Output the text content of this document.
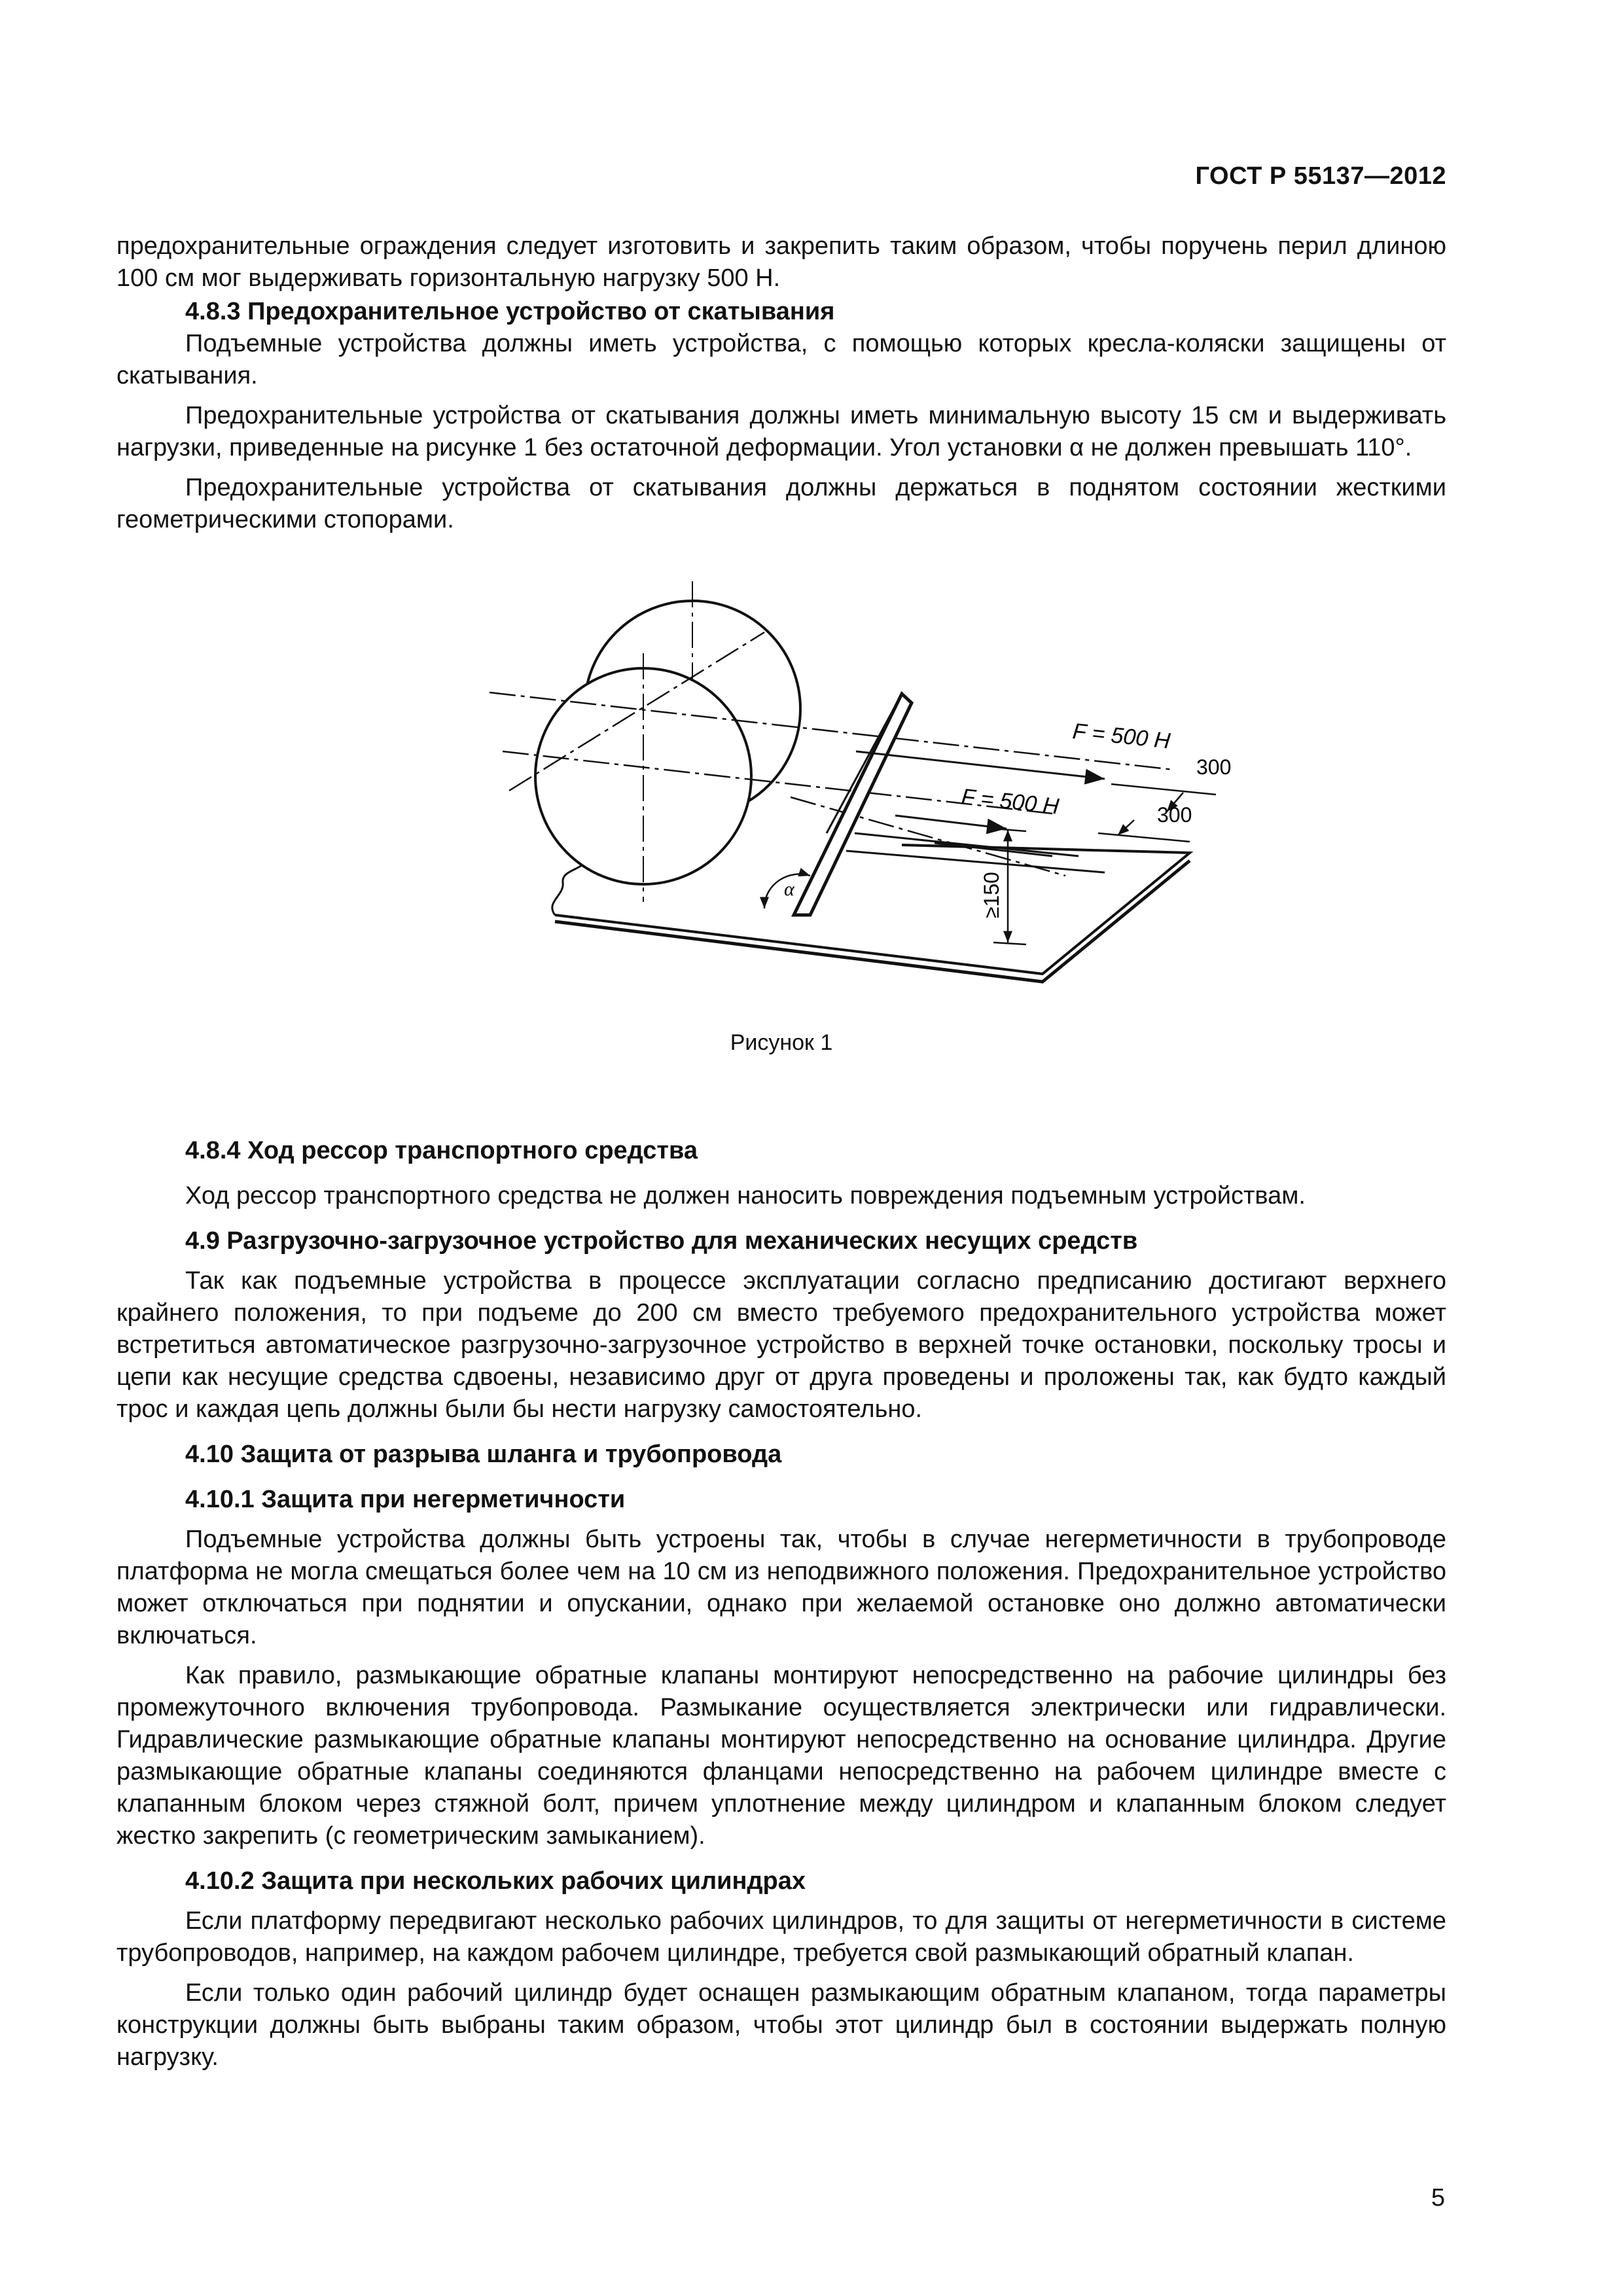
ГОСТ Р 55137—2012

предохранительные ограждения следует изготовить и закрепить таким образом, чтобы поручень перил длиною 100 см мог выдерживать горизонтальную нагрузку 500 Н.

4.8.3 Предохранительное устройство от скатывания

Подъемные устройства должны иметь устройства, с помощью которых кресла-коляски защищены от скатывания.

Предохранительные устройства от скатывания должны иметь минимальную высоту 15 см и выдерживать нагрузки, приведенные на рисунке 1 без остаточной деформации. Угол установки α не должен превышать 110°.

Предохранительные устройства от скатывания должны держаться в поднятом состоянии жесткими геометрическими стопорами.

F = 500 H
300
F = 500 H	300
≥150
α
Рисунок 1
4.8.4 Ход рессор транспортного средства

Ход рессор транспортного средства не должен наносить повреждения подъемным устройствам.

4.9 Разгрузочно-загрузочное устройство для механических несущих средств

Так как подъемные устройства в процессе эксплуатации согласно предписанию достигают верхнего крайнего положения, то при подъеме до 200 см вместо требуемого предохранительного устройства может встретиться автоматическое разгрузочно-загрузочное устройство в верхней точке остановки, поскольку тросы и цепи как несущие средства сдвоены, независимо друг от друга проведены и проложены так, как будто каждый трос и каждая цепь должны были бы нести нагрузку самостоятельно.

4.10 Защита от разрыва шланга и трубопровода
4.10.1 Защита при негерметичности

Подъемные устройства должны быть устроены так, чтобы в случае негерметичности в трубопроводе платформа не могла смещаться более чем на 10 см из неподвижного положения. Предохранительное устройство может отключаться при поднятии и опускании, однако при желаемой остановке оно должно автоматически включаться.

Как правило, размыкающие обратные клапаны монтируют непосредственно на рабочие цилиндры без промежуточного включения трубопровода. Размыкание осуществляется электрически или гидравлически. Гидравлические размыкающие обратные клапаны монтируют непосредственно на основание цилиндра. Другие размыкающие обратные клапаны соединяются фланцами непосредственно на рабочем цилиндре вместе с клапанным блоком через стяжной болт, причем уплотнение между цилиндром и клапанным блоком следует жестко закрепить (с геометрическим замыканием).

4.10.2 Защита при нескольких рабочих цилиндрах

Если платформу передвигают несколько рабочих цилиндров, то для защиты от негерметичности в системе трубопроводов, например, на каждом рабочем цилиндре, требуется свой размыкающий обратный клапан.

Если только один рабочий цилиндр будет оснащен размыкающим обратным клапаном, тогда параметры конструкции должны быть выбраны таким образом, чтобы этот цилиндр был в состоянии выдержать полную нагрузку.

5
